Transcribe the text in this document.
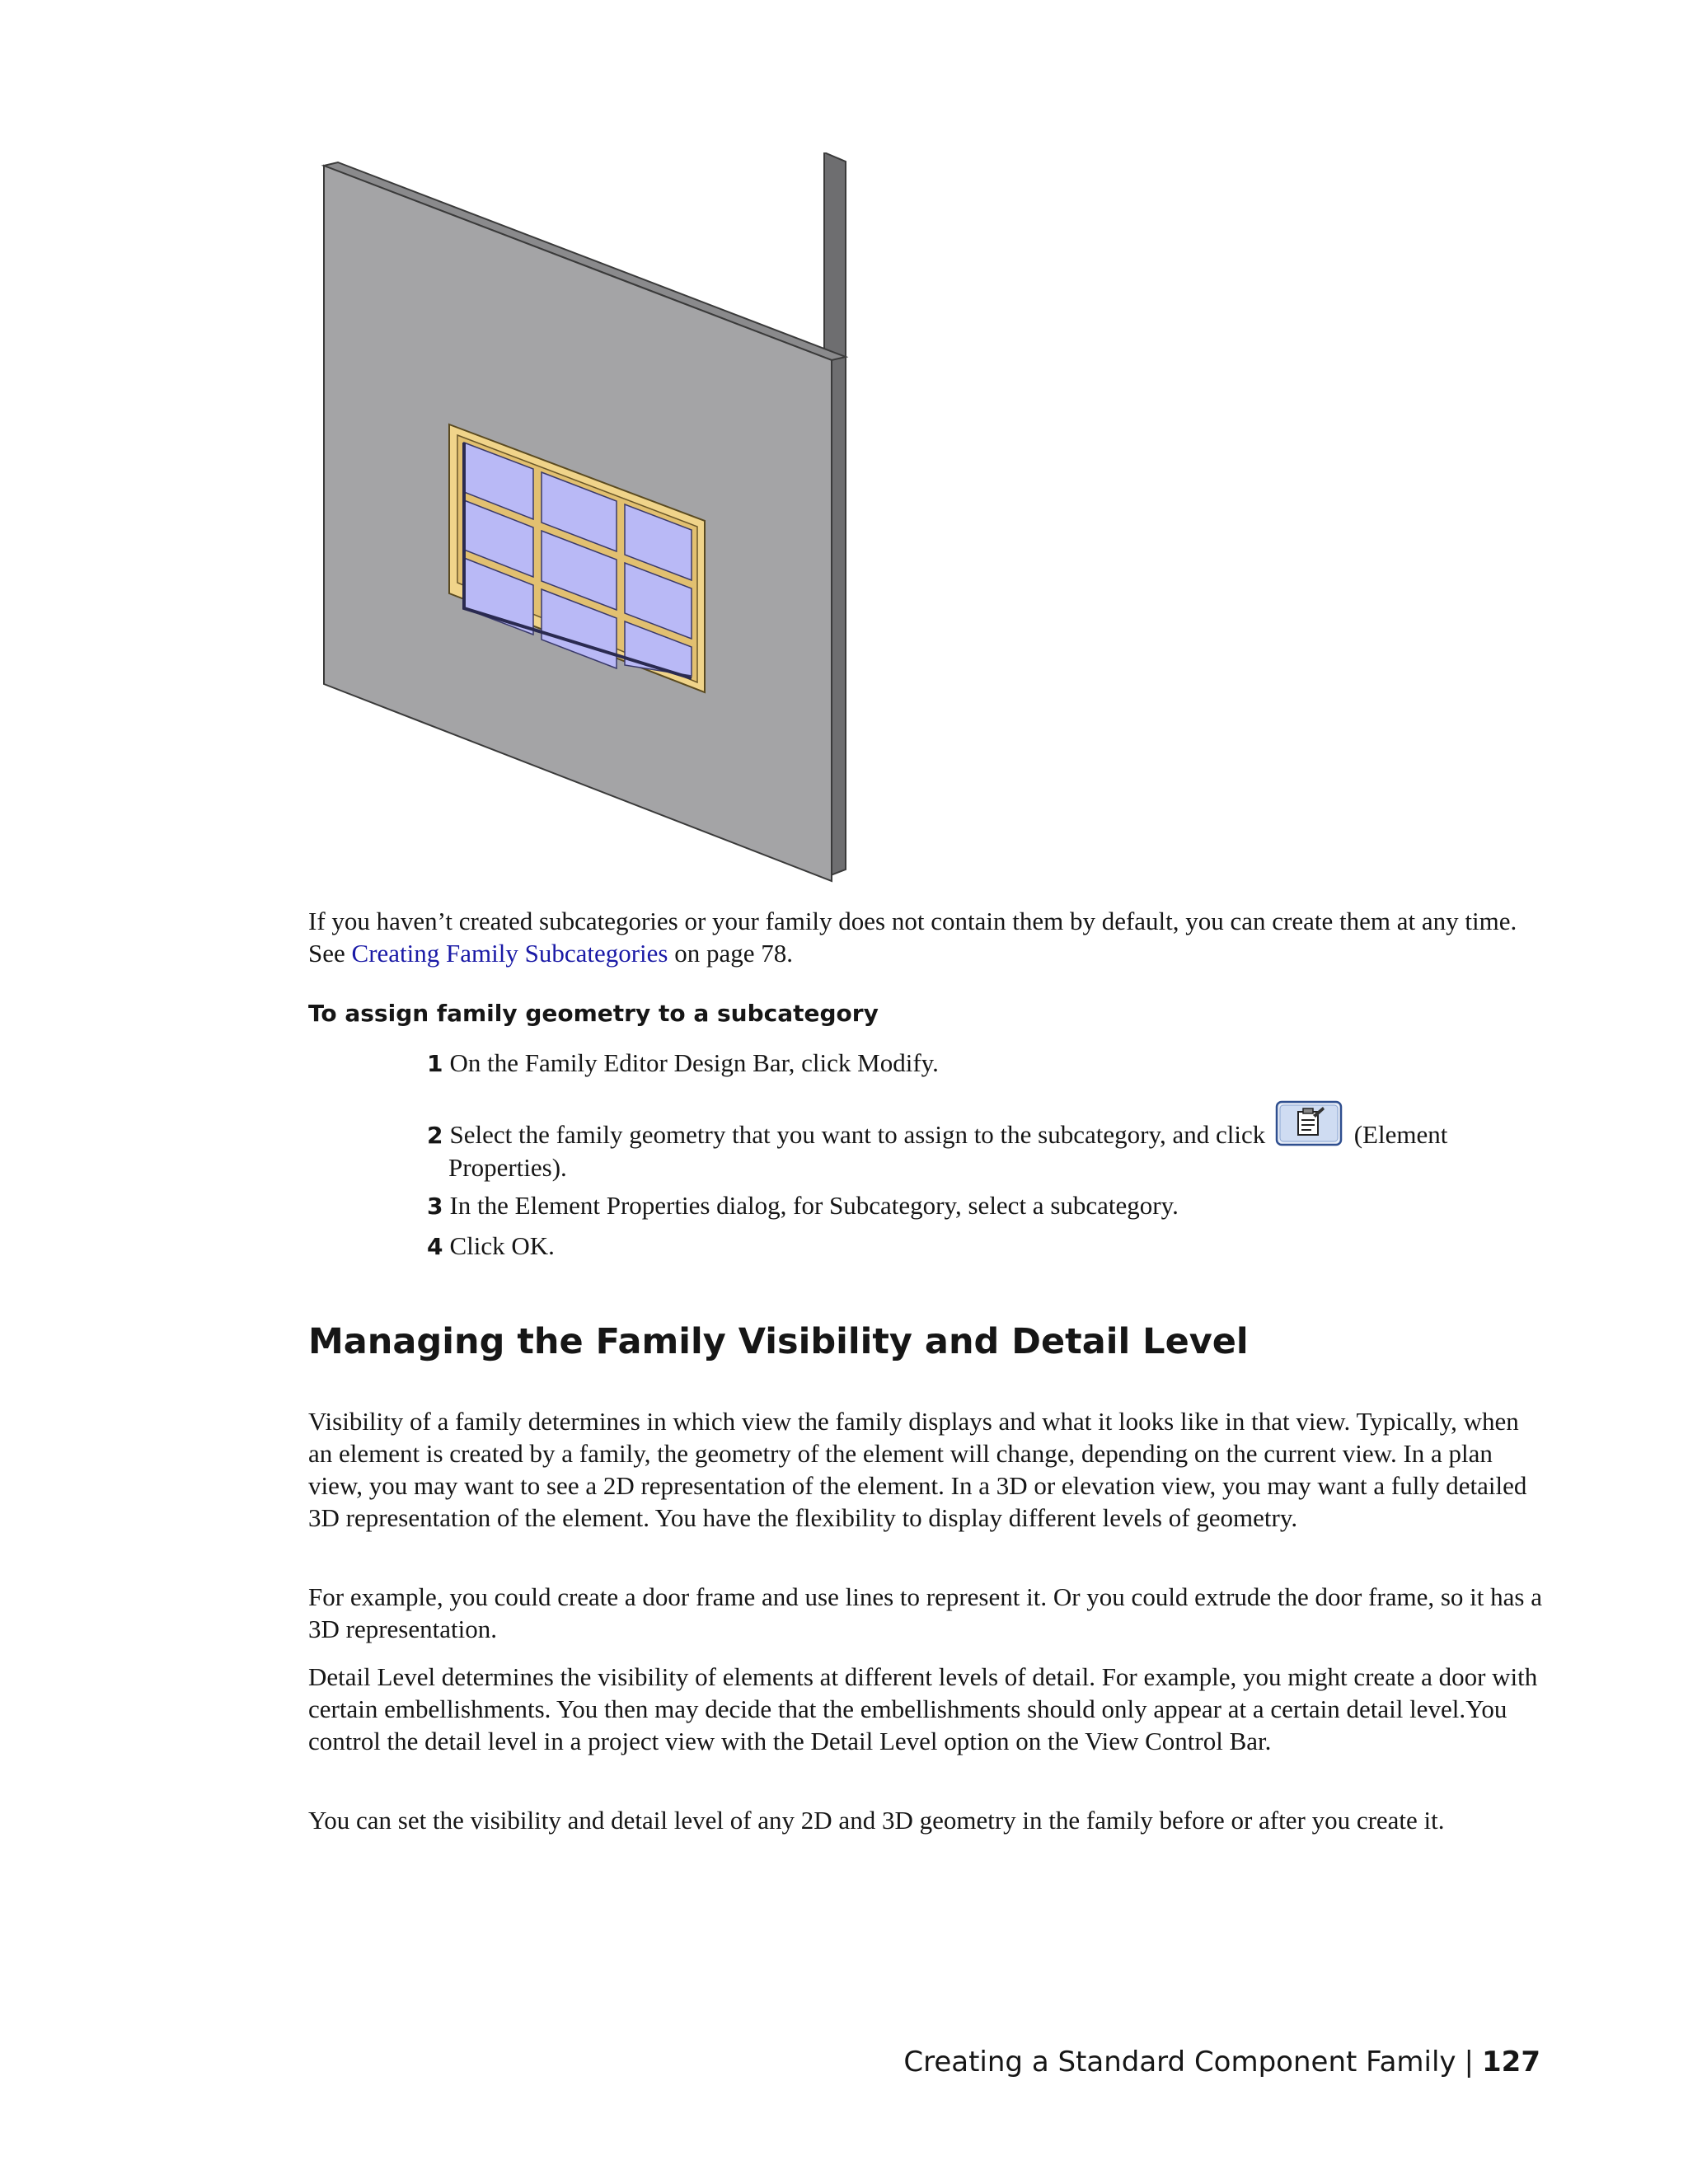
If you haven’t created subcategories or your family does not contain them by default, you can create them at any time. See Creating Family Subcategories on page 78.

To assign family geometry to a subcategory
1 On the Family Editor Design Bar, click Modify.
2 Select the family geometry that you want to assign to the subcategory, and click	(Element
Properties).
3 In the Element Properties dialog, for Subcategory, select a subcategory.
4 Click OK.
Managing the Family Visibility and Detail Level

Visibility of a family determines in which view the family displays and what it looks like in that view. Typically, when an element is created by a family, the geometry of the element will change, depending on the current view. In a plan view, you may want to see a 2D representation of the element. In a 3D or elevation view, you may want a fully detailed 3D representation of the element. You have the flexibility to display different levels of geometry.

For example, you could create a door frame and use lines to represent it. Or you could extrude the door frame, so it has a 3D representation.

Detail Level determines the visibility of elements at different levels of detail. For example, you might create a door with certain embellishments. You then may decide that the embellishments should only appear at a certain detail level.You control the detail level in a project view with the Detail Level option on the View Control Bar.

You can set the visibility and detail level of any 2D and 3D geometry in the family before or after you create it.

Creating a Standard Component Family | 127
